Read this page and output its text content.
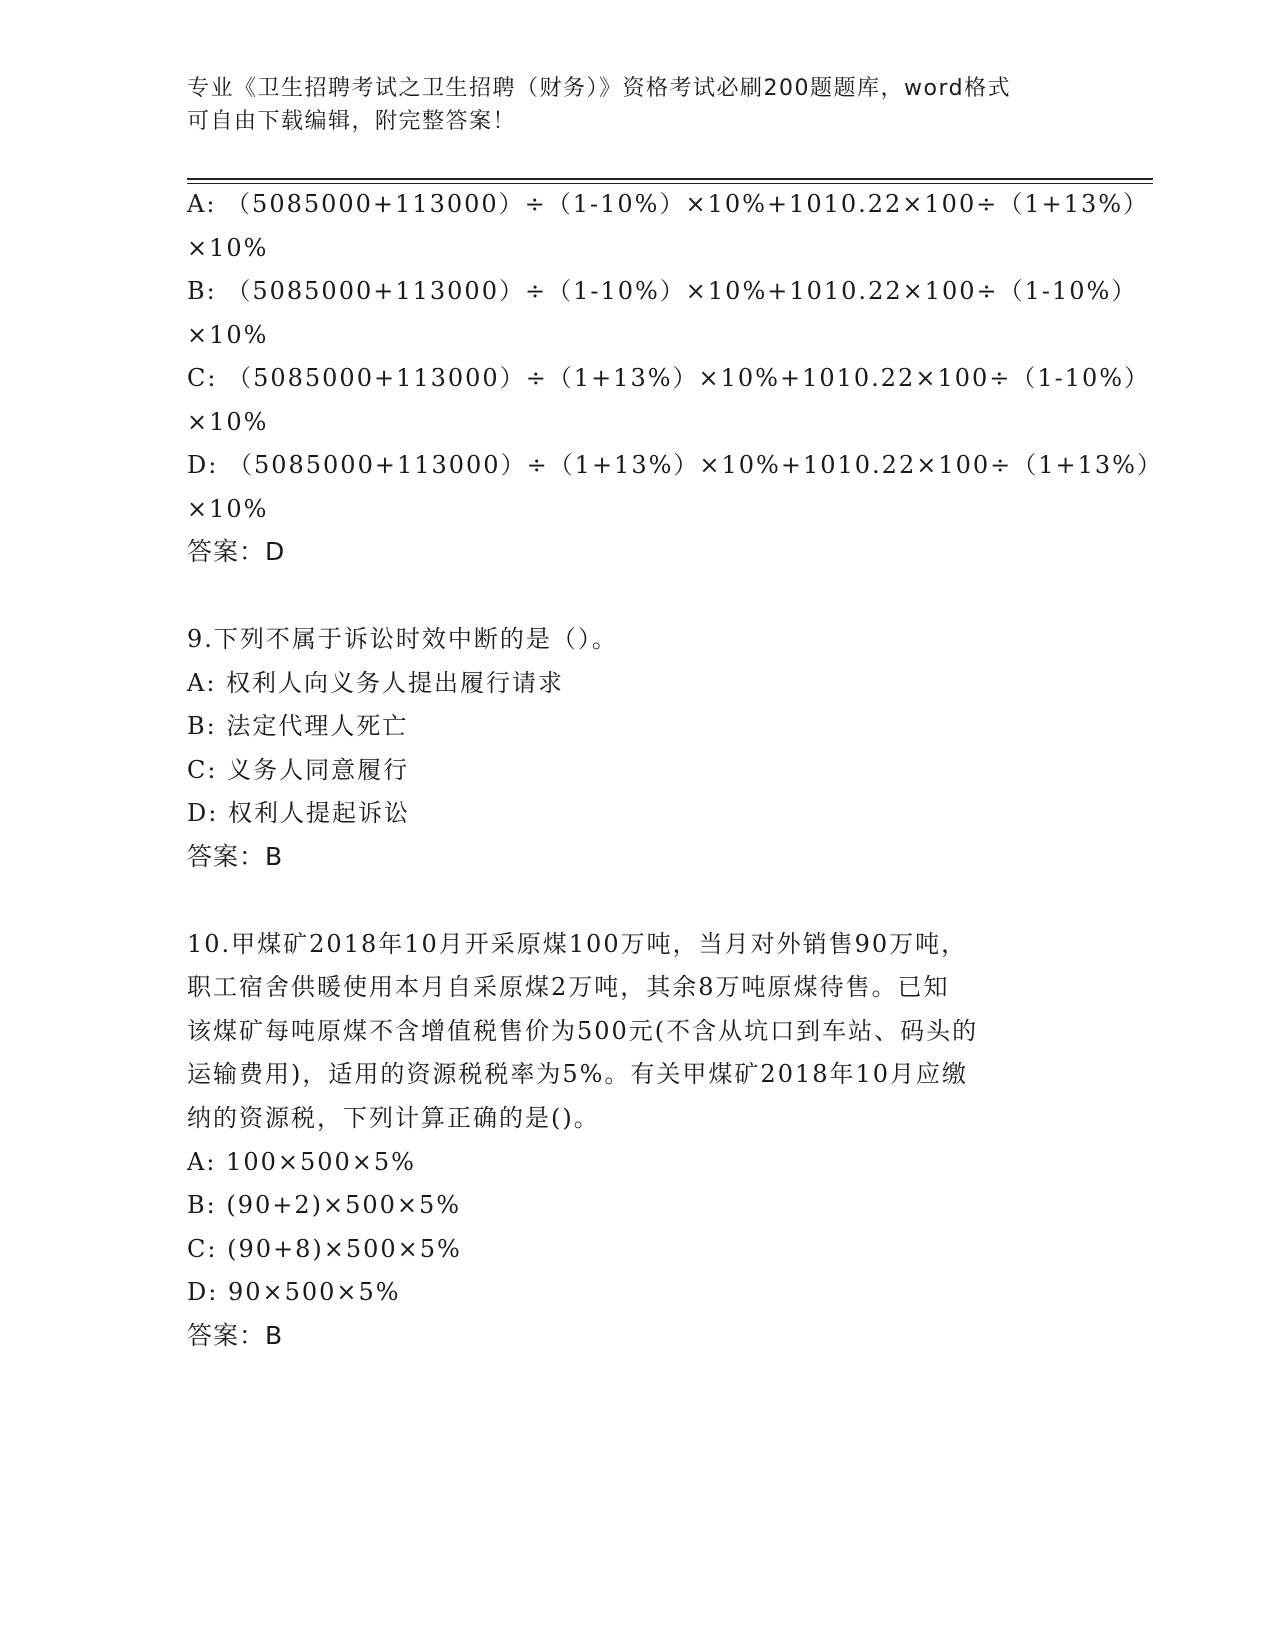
专业《卫生招聘考试之卫生招聘（财务）》资格考试必刷200题题库，word格式
可自由下载编辑，附完整答案！
A: （5085000+113000）÷（1-10%）×10%+1010.22×100÷（1+13%）
×10%
B: （5085000+113000）÷（1-10%）×10%+1010.22×100÷（1-10%）
×10%
C: （5085000+113000）÷（1+13%）×10%+1010.22×100÷（1-10%）
×10%
D: （5085000+113000）÷（1+13%）×10%+1010.22×100÷（1+13%）
×10%
答案：D
9.下列不属于诉讼时效中断的是（）。
A: 权利人向义务人提出履行请求
B: 法定代理人死亡
C: 义务人同意履行
D: 权利人提起诉讼
答案：B
10.甲煤矿2018年10月开采原煤100万吨，当月对外销售90万吨，
职工宿舍供暖使用本月自采原煤2万吨，其余8万吨原煤待售。已知
该煤矿每吨原煤不含增值税售价为500元(不含从坑口到车站、码头的
运输费用)，适用的资源税税率为5%。有关甲煤矿2018年10月应缴
纳的资源税，下列计算正确的是()。
A: 100×500×5%
B: (90+2)×500×5%
C: (90+8)×500×5%
D: 90×500×5%
答案：B
